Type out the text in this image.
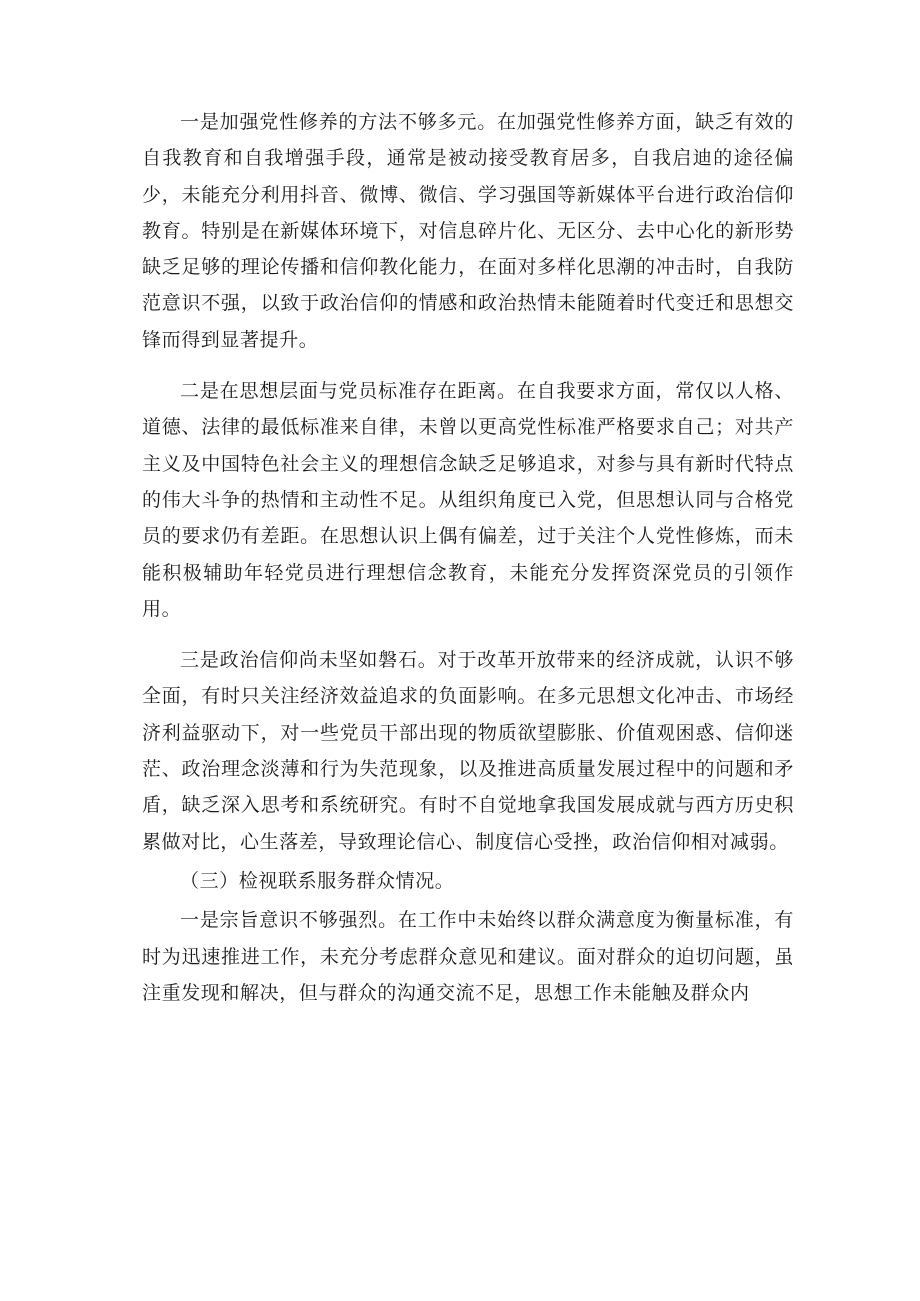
一是加强党性修养的方法不够多元。在加强党性修养方面，缺乏有效的自我教育和自我增强手段，通常是被动接受教育居多，自我启迪的途径偏少，未能充分利用抖音、微博、微信、学习强国等新媒体平台进行政治信仰教育。特别是在新媒体环境下，对信息碎片化、无区分、去中心化的新形势缺乏足够的理论传播和信仰教化能力，在面对多样化思潮的冲击时，自我防范意识不强，以致于政治信仰的情感和政治热情未能随着时代变迁和思想交锋而得到显著提升。

二是在思想层面与党员标准存在距离。在自我要求方面，常仅以人格、道德、法律的最低标准来自律，未曾以更高党性标准严格要求自己；对共产主义及中国特色社会主义的理想信念缺乏足够追求，对参与具有新时代特点的伟大斗争的热情和主动性不足。从组织角度已入党，但思想认同与合格党员的要求仍有差距。在思想认识上偶有偏差，过于关注个人党性修炼，而未能积极辅助年轻党员进行理想信念教育，未能充分发挥资深党员的引领作用。

三是政治信仰尚未坚如磐石。对于改革开放带来的经济成就，认识不够全面，有时只关注经济效益追求的负面影响。在多元思想文化冲击、市场经济利益驱动下，对一些党员干部出现的物质欲望膨胀、价值观困惑、信仰迷茫、政治理念淡薄和行为失范现象，以及推进高质量发展过程中的问题和矛盾，缺乏深入思考和系统研究。有时不自觉地拿我国发展成就与西方历史积累做对比，心生落差，导致理论信心、制度信心受挫，政治信仰相对减弱。

（三）检视联系服务群众情况。

一是宗旨意识不够强烈。在工作中未始终以群众满意度为衡量标准，有时为迅速推进工作，未充分考虑群众意见和建议。面对群众的迫切问题，虽注重发现和解决，但与群众的沟通交流不足，思想工作未能触及群众内
